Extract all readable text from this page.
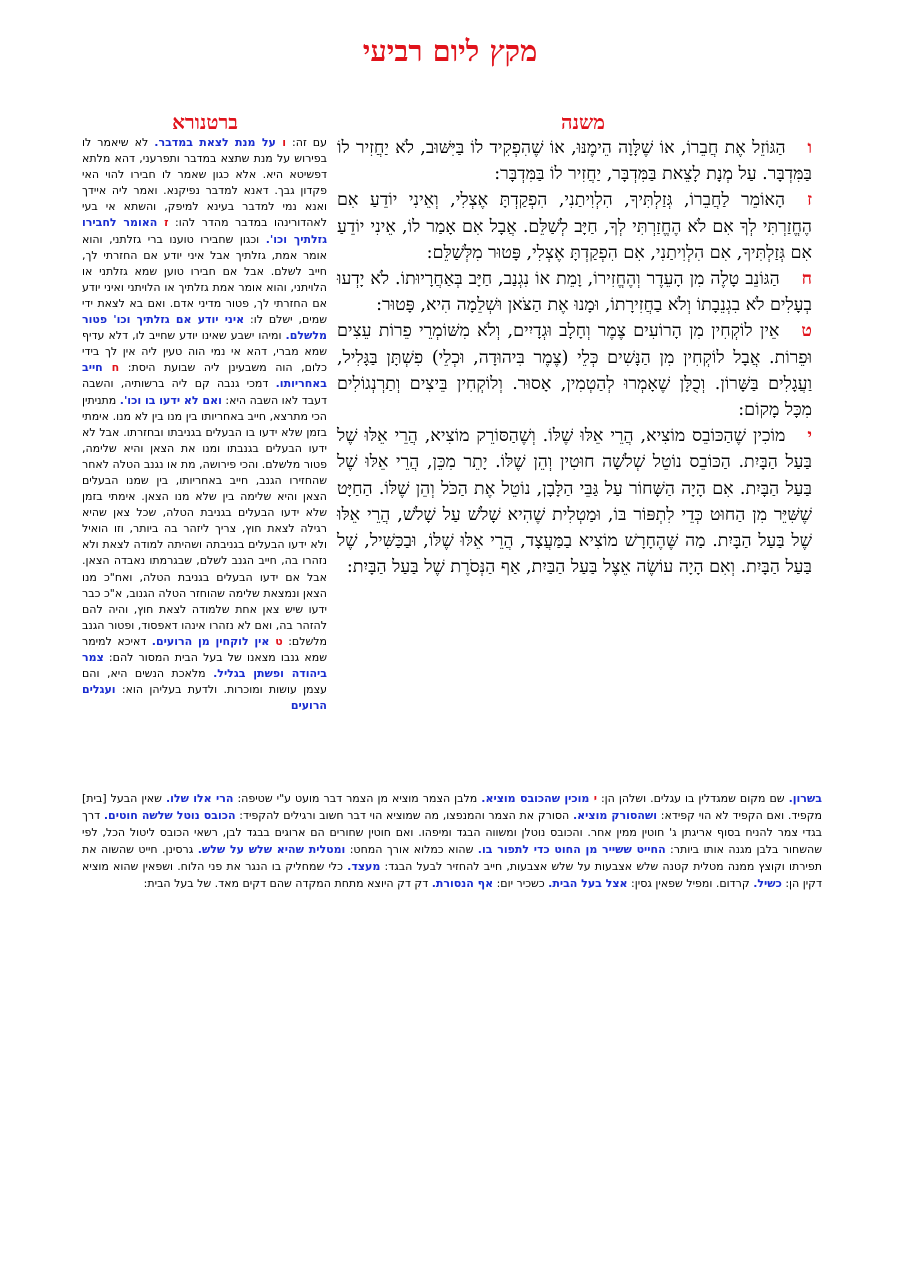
מקץ ליום רביעי
משנה
ברטנורא

והַגּוֹזֵל אֶת חֲבֵרוֹ, אוֹ שֶׁלָּוָה הֵימֶנּוּ, אוֹ שֶׁהִפְקִיד לוֹ בַּיִּשּׁוּב, לֹא יַחֲזִיר לוֹ בַּמִּדְבָּר. עַל מְנָת לָצֵאת בַּמִּדְבָּר, יַחֲזִיר לוֹ בַּמִּדְבָּר:

זהָאוֹמֵר לַחֲבֵרוֹ, גְּזַלְתִּיךָ, הִלְוִיתַנִי, הִפְקַדְתָּ אֶצְלִי, וְאֵינִי יוֹדֵעַ אִם הֶחֱזַרְתִּי לְךָ אִם לֹא הֶחֱזַרְתִּי לְךָ, חַיָּב לְשַׁלֵּם. אֲבָל אִם אָמַר לוֹ, אֵינִי יוֹדֵעַ אִם גְּזַלְתִּיךָ, אִם הִלְוִיתַנִי, אִם הִפְקַדְתָּ אֶצְלִי, פָּטוּר מִלְּשַׁלֵּם:

חהַגּוֹנֵב טָלֶה מִן הָעֵדֶר וְהֶחֱזִירוֹ, וָמֵת אוֹ נִגְנַב, חַיָּב בְּאַחֲרָיוּתוֹ. לֹא יָדְעוּ בְעָלִים לֹא בִגְנֵבָתוֹ וְלֹא בַחֲזִירָתוֹ, וּמָנוּ אֶת הַצֹּאן וּשְׁלֵמָה הִיא, פָּטוּר:

טאֵין לוֹקְחִין מִן הָרוֹעִים צֶמֶר וְחָלָב וּגְדָיִים, וְלֹא מִשּׁוֹמְרֵי פֵרוֹת עֵצִים וּפֵרוֹת. אֲבָל לוֹקְחִין מִן הַנָּשִׁים כְּלֵי (צֶמֶר בִּיהוּדָה, וּכְלֵי) פִשְׁתָּן בַּגָּלִיל, וַעֲגָלִים בַּשָּׁרוֹן. וְכֻלָּן שֶׁאָמְרוּ לְהַטְמִין, אָסוּר. וְלוֹקְחִין בֵּיצִים וְתַרְנְגוֹלִים מִכָּל מָקוֹם:

ימוֹכִין שֶׁהַכּוֹבֵס מוֹצִיא, הֲרֵי אֵלּוּ שֶׁלּוֹ. וְשֶׁהַסּוֹרֵק מוֹצִיא, הֲרֵי אֵלּוּ שֶׁל בַּעַל הַבָּיִת. הַכּוֹבֵס נוֹטֵל שְׁלֹשָׁה חוּטִין וְהֵן שֶׁלּוֹ. יָתֵר מִכֵּן, הֲרֵי אֵלּוּ שֶׁל בַּעַל הַבָּיִת. אִם הָיָה הַשָּׁחוֹר עַל גַּבֵּי הַלָּבָן, נוֹטֵל אֶת הַכֹּל וְהֵן שֶׁלּוֹ. הַחַיָּט שֶׁשִּׁיֵּר מִן הַחוּט כְּדֵי לִתְפּוֹר בּוֹ, וּמַטְלִית שֶׁהִיא שָׁלֹשׁ עַל שָׁלֹשׁ, הֲרֵי אֵלּוּ שֶׁל בַּעַל הַבָּיִת. מַה שֶּׁהֶחָרָשׁ מוֹצִיא בַמַּעֲצָד, הֲרֵי אֵלּוּ שֶׁלּוֹ, וּבַכַּשִּׁיל, שֶׁל בַּעַל הַבָּיִת. וְאִם הָיָה עוֹשֶׂה אֵצֶל בַּעַל הַבַּיִת, אַף הַנְּסֹרֶת שֶׁל בַּעַל הַבָּיִת:

עם זה: ו על מנת לצאת במדבר. לא שיאמר לו בפירוש על מנת שתצא במדבר ותפרעני, דהא מלתא דפשיטא היא. אלא כגון שאמר לו חבירו להוי האי פקדון גבך. דאנא למדבר נפיקנא. ואמר ליה איידך ואנא נמי למדבר בעינא למיפק, והשתא אי בעי לאהדורינהו במדבר מהדר להו: ז האומר לחבירו גזלתיך וכו'. וכגון שחבירו טוענו ברי גזלתני, והוא אומר אמת, גזלתיך אבל איני יודע אם החזרתי לך, חייב לשלם. אבל אם חבירו טוען שמא גזלתני או הלויתני, והוא אומר אמת גזלתיך או הלויתני ואיני יודע אם החזרתי לך, פטור מדיני אדם. ואם בא לצאת ידי שמים, ישלם לו: איני יודע אם גזלתיך וכו' פטור מלשלם. ומיהו ישבע שאינו יודע שחייב לו, דלא עדיף שמא מברי, דהא אי נמי הוה טעין ליה אין לך בידי כלום, הוה משבעינן ליה שבועת היסת: ח חייב באחריותו. דמכי גנבה קם ליה ברשותיה, והשבה דעבד לאו השבה היא: ואם לא ידעו בו וכו'. מתניתין הכי מתרצא, חייב באחריותו בין מנו בין לא מנו. אימתי בזמן שלא ידעו בו הבעלים בגניבתו ובחזרתו. אבל לא ידעו הבעלים בגנבתו ומנו את הצאן והיא שלימה, פטור מלשלם. והכי פירושה, מת או נגנב הטלה לאחר שהחזירו הגנב, חייב באחריותו, בין שמנו הבעלים הצאן והיא שלימה בין שלא מנו הצאן. אימתי בזמן שלא ידעו הבעלים בגניבת הטלה, שכל צאן שהיא רגילה לצאת חוץ, צריך ליזהר בה ביותר, וזו הואיל ולא ידעו הבעלים בגניבתה ושהיתה למודה לצאת ולא נזהרו בה, חייב הגנב לשלם, שבגרמתו נאבדה הצאן. אבל אם ידעו הבעלים בגניבת הטלה, ואח"כ מנו הצאן ונמצאת שלימה שהוחזר הטלה הגנוב, א"כ כבר ידעו שיש צאן אחת שלמודה לצאת חוץ, והיה להם להזהר בה, ואם לא נזהרו אינהו דאפסוד, ופטור הגנב מלשלם: ט אין לוקחין מן הרועים. דאיכא למימר שמא גנבו מצאנו של בעל הבית המסור להם: צמר ביהודה ופשתן בגליל. מלאכת הנשים היא, והם עצמן עושות ומוכרות. ולדעת בעליהן הוא: ועגלים הרועים
בשרון. שם מקום שמגדלין בו עגלים. ושלהן הן: י מוכין שהכובס מוציא. מלבן הצמר מוציא מן הצמר דבר מועט ע"י שטיפה: הרי אלו שלו. שאין הבעל [בית] מקפיד. ואם הקפיד לא הוי קפידא: ושהסורק מוציא. הסורק את הצמר והמנפצו, מה שמוציא הוי דבר חשוב ורגילים להקפיד: הכובס נוטל שלשה חוטים. דרך בגדי צמר להניח בסוף אריגתן ג' חוטין ממין אחר. והכובס נוטלן ומשווה הבגד ומיפהו. ואם חוטין שחורים הם ארוגים בבגד לבן, רשאי הכובס ליטול הכל, לפי שהשחור בלבן מגנה אותו ביותר: החייט ששייר מן החוט כדי לתפור בו. שהוא כמלוא אורך המחט: ומטלית שהיא שלש על שלש. גרסינן. חייט שהשוה את תפירתו וקוצץ ממנה מטלית קטנה שלש אצבעות על שלש אצבעות, חייב להחזיר לבעל הבגד: מעצד. כלי שמחליק בו הנגר את פני הלוח. ושפאין שהוא מוציא דקין הן: כשיל. קרדום. ומפיל שפאין גסין: אצל בעל הבית. כשכיר יום: אף הנסורת. דק דק היוצא מתחת המקדה שהם דקים מאד. של בעל הבית:
